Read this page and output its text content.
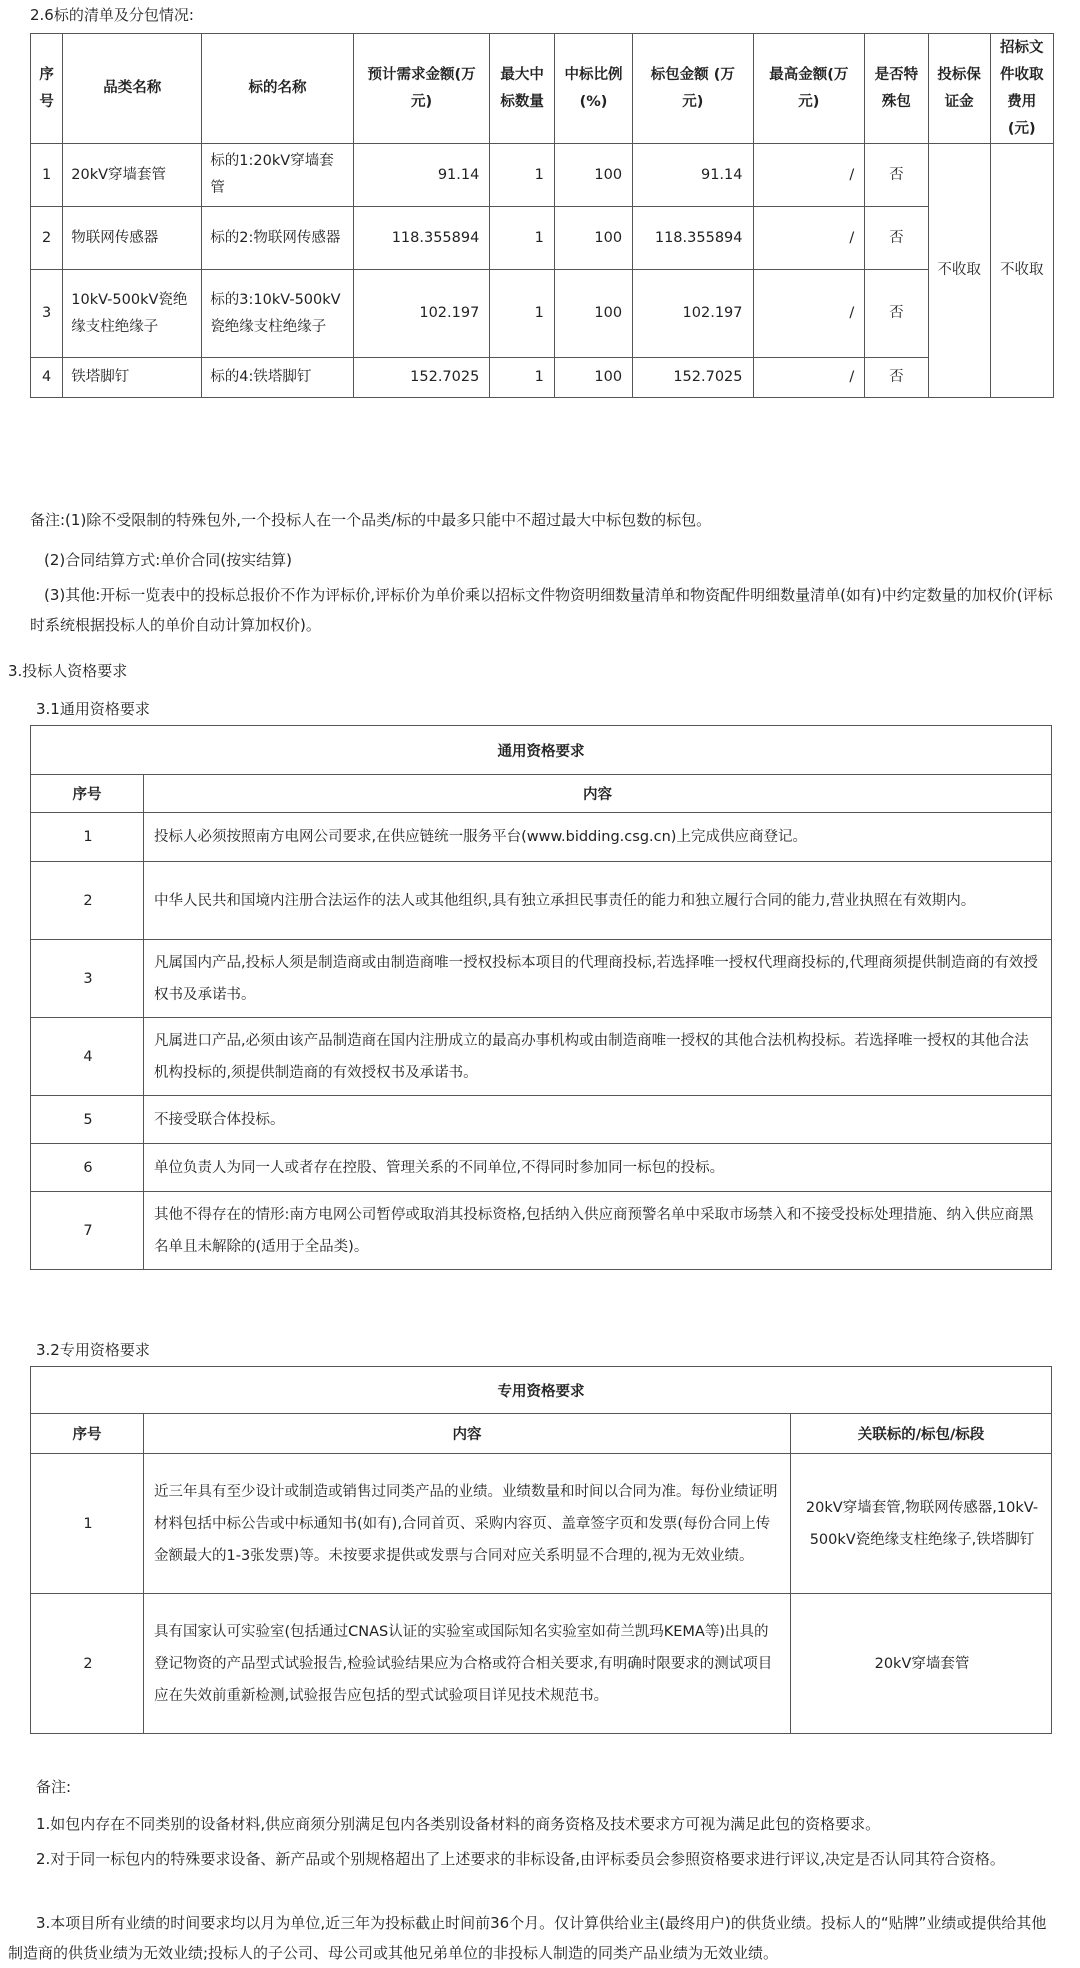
2.6标的清单及分包情况:
序号	品类名称	标的名称	预计需求金额(万元)	最大中标数量	中标比例(%)	标包金额 (万元)	最高金额(万元)	是否特殊包	投标保证金	招标文件收取费用(元)
1	20kV穿墙套管	标的1:20kV穿墙套管	91.14	1	100	91.14	/	否	不收取	不收取
2	物联网传感器	标的2:物联网传感器	118.355894	1	100	118.355894	/	否		
3	10kV-500kV瓷绝缘支柱绝缘子	标的3:10kV-500kV瓷绝缘支柱绝缘子	102.197	1	100	102.197	/	否		
4	铁塔脚钉	标的4:铁塔脚钉	152.7025	1	100	152.7025	/	否		
备注:(1)除不受限制的特殊包外,一个投标人在一个品类/标的中最多只能中不超过最大中标包数的标包。
(2)合同结算方式:单价合同(按实结算)
(3)其他:开标一览表中的投标总报价不作为评标价,评标价为单价乘以招标文件物资明细数量清单和物资配件明细数量清单(如有)中约定数量的加权价(评标时系统根据投标人的单价自动计算加权价)。
3.投标人资格要求
3.1通用资格要求
通用资格要求	
序号	内容
1	投标人必须按照南方电网公司要求,在供应链统一服务平台(www.bidding.csg.cn)上完成供应商登记。
2	中华人民共和国境内注册合法运作的法人或其他组织,具有独立承担民事责任的能力和独立履行合同的能力,营业执照在有效期内。
3	凡属国内产品,投标人须是制造商或由制造商唯一授权投标本项目的代理商投标,若选择唯一授权代理商投标的,代理商须提供制造商的有效授权书及承诺书。
4	凡属进口产品,必须由该产品制造商在国内注册成立的最高办事机构或由制造商唯一授权的其他合法机构投标。若选择唯一授权的其他合法机构投标的,须提供制造商的有效授权书及承诺书。
5	不接受联合体投标。
6	单位负责人为同一人或者存在控股、管理关系的不同单位,不得同时参加同一标包的投标。
7	其他不得存在的情形:南方电网公司暂停或取消其投标资格,包括纳入供应商预警名单中采取市场禁入和不接受投标处理措施、纳入供应商黑名单且未解除的(适用于全品类)。
3.2专用资格要求
专用资格要求		
序号	内容	关联标的/标包/标段
1	近三年具有至少设计或制造或销售过同类产品的业绩。业绩数量和时间以合同为准。每份业绩证明材料包括中标公告或中标通知书(如有),合同首页、采购内容页、盖章签字页和发票(每份合同上传金额最大的1-3张发票)等。未按要求提供或发票与合同对应关系明显不合理的,视为无效业绩。	20kV穿墙套管,物联网传感器,10kV-500kV瓷绝缘支柱绝缘子,铁塔脚钉
2	具有国家认可实验室(包括通过CNAS认证的实验室或国际知名实验室如荷兰凯玛KEMA等)出具的登记物资的产品型式试验报告,检验试验结果应为合格或符合相关要求,有明确时限要求的测试项目应在失效前重新检测,试验报告应包括的型式试验项目详见技术规范书。	20kV穿墙套管
备注:
1.如包内存在不同类别的设备材料,供应商须分别满足包内各类别设备材料的商务资格及技术要求方可视为满足此包的资格要求。
2.对于同一标包内的特殊要求设备、新产品或个别规格超出了上述要求的非标设备,由评标委员会参照资格要求进行评议,决定是否认同其符合资格。
3.本项目所有业绩的时间要求均以月为单位,近三年为投标截止时间前36个月。仅计算供给业主(最终用户)的供货业绩。投标人的“贴牌”业绩或提供给其他制造商的供货业绩为无效业绩;投标人的子公司、母公司或其他兄弟单位的非投标人制造的同类产品业绩为无效业绩。
